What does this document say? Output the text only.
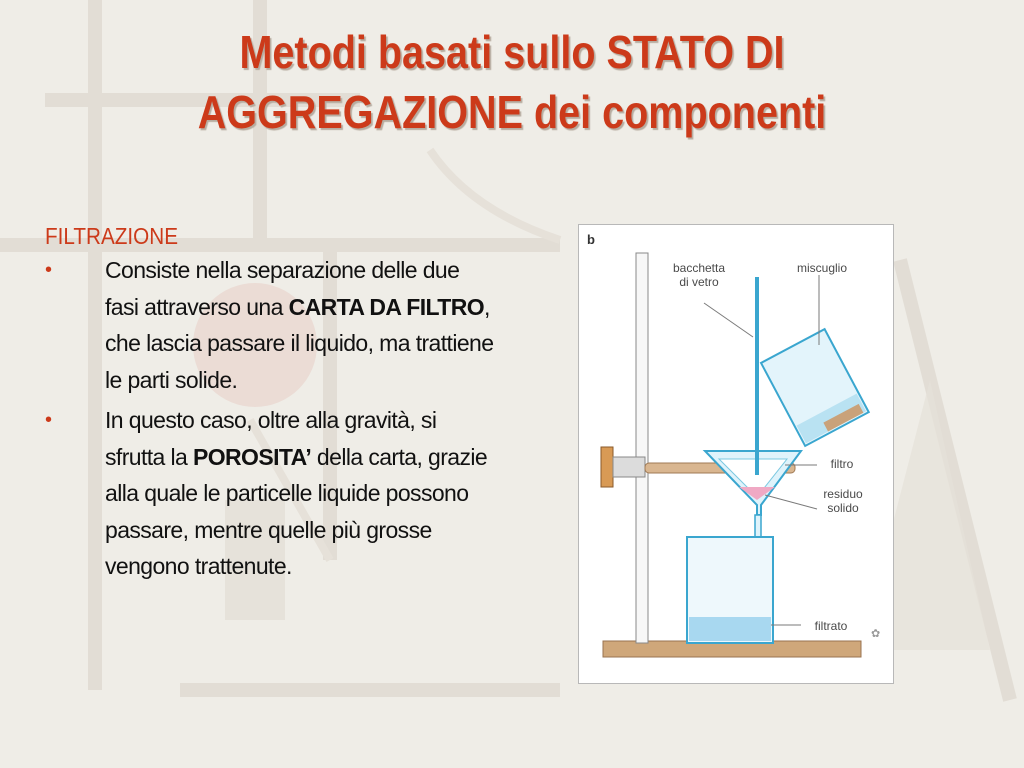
Metodi basati sullo STATO DI AGGREGAZIONE dei componenti
FILTRAZIONE
• Consiste nella separazione delle due fasi attraverso una CARTA DA FILTRO, che lascia passare il liquido, ma trattiene le parti solide.
• In questo caso, oltre alla gravità, si sfrutta la POROSITA’ della carta, grazie alla quale le particelle liquide possono passare, mentre quelle più grosse vengono trattenute.
✿
b
bacchetta
di vetro
miscuglio
filtro
residuo
solido
filtrato
